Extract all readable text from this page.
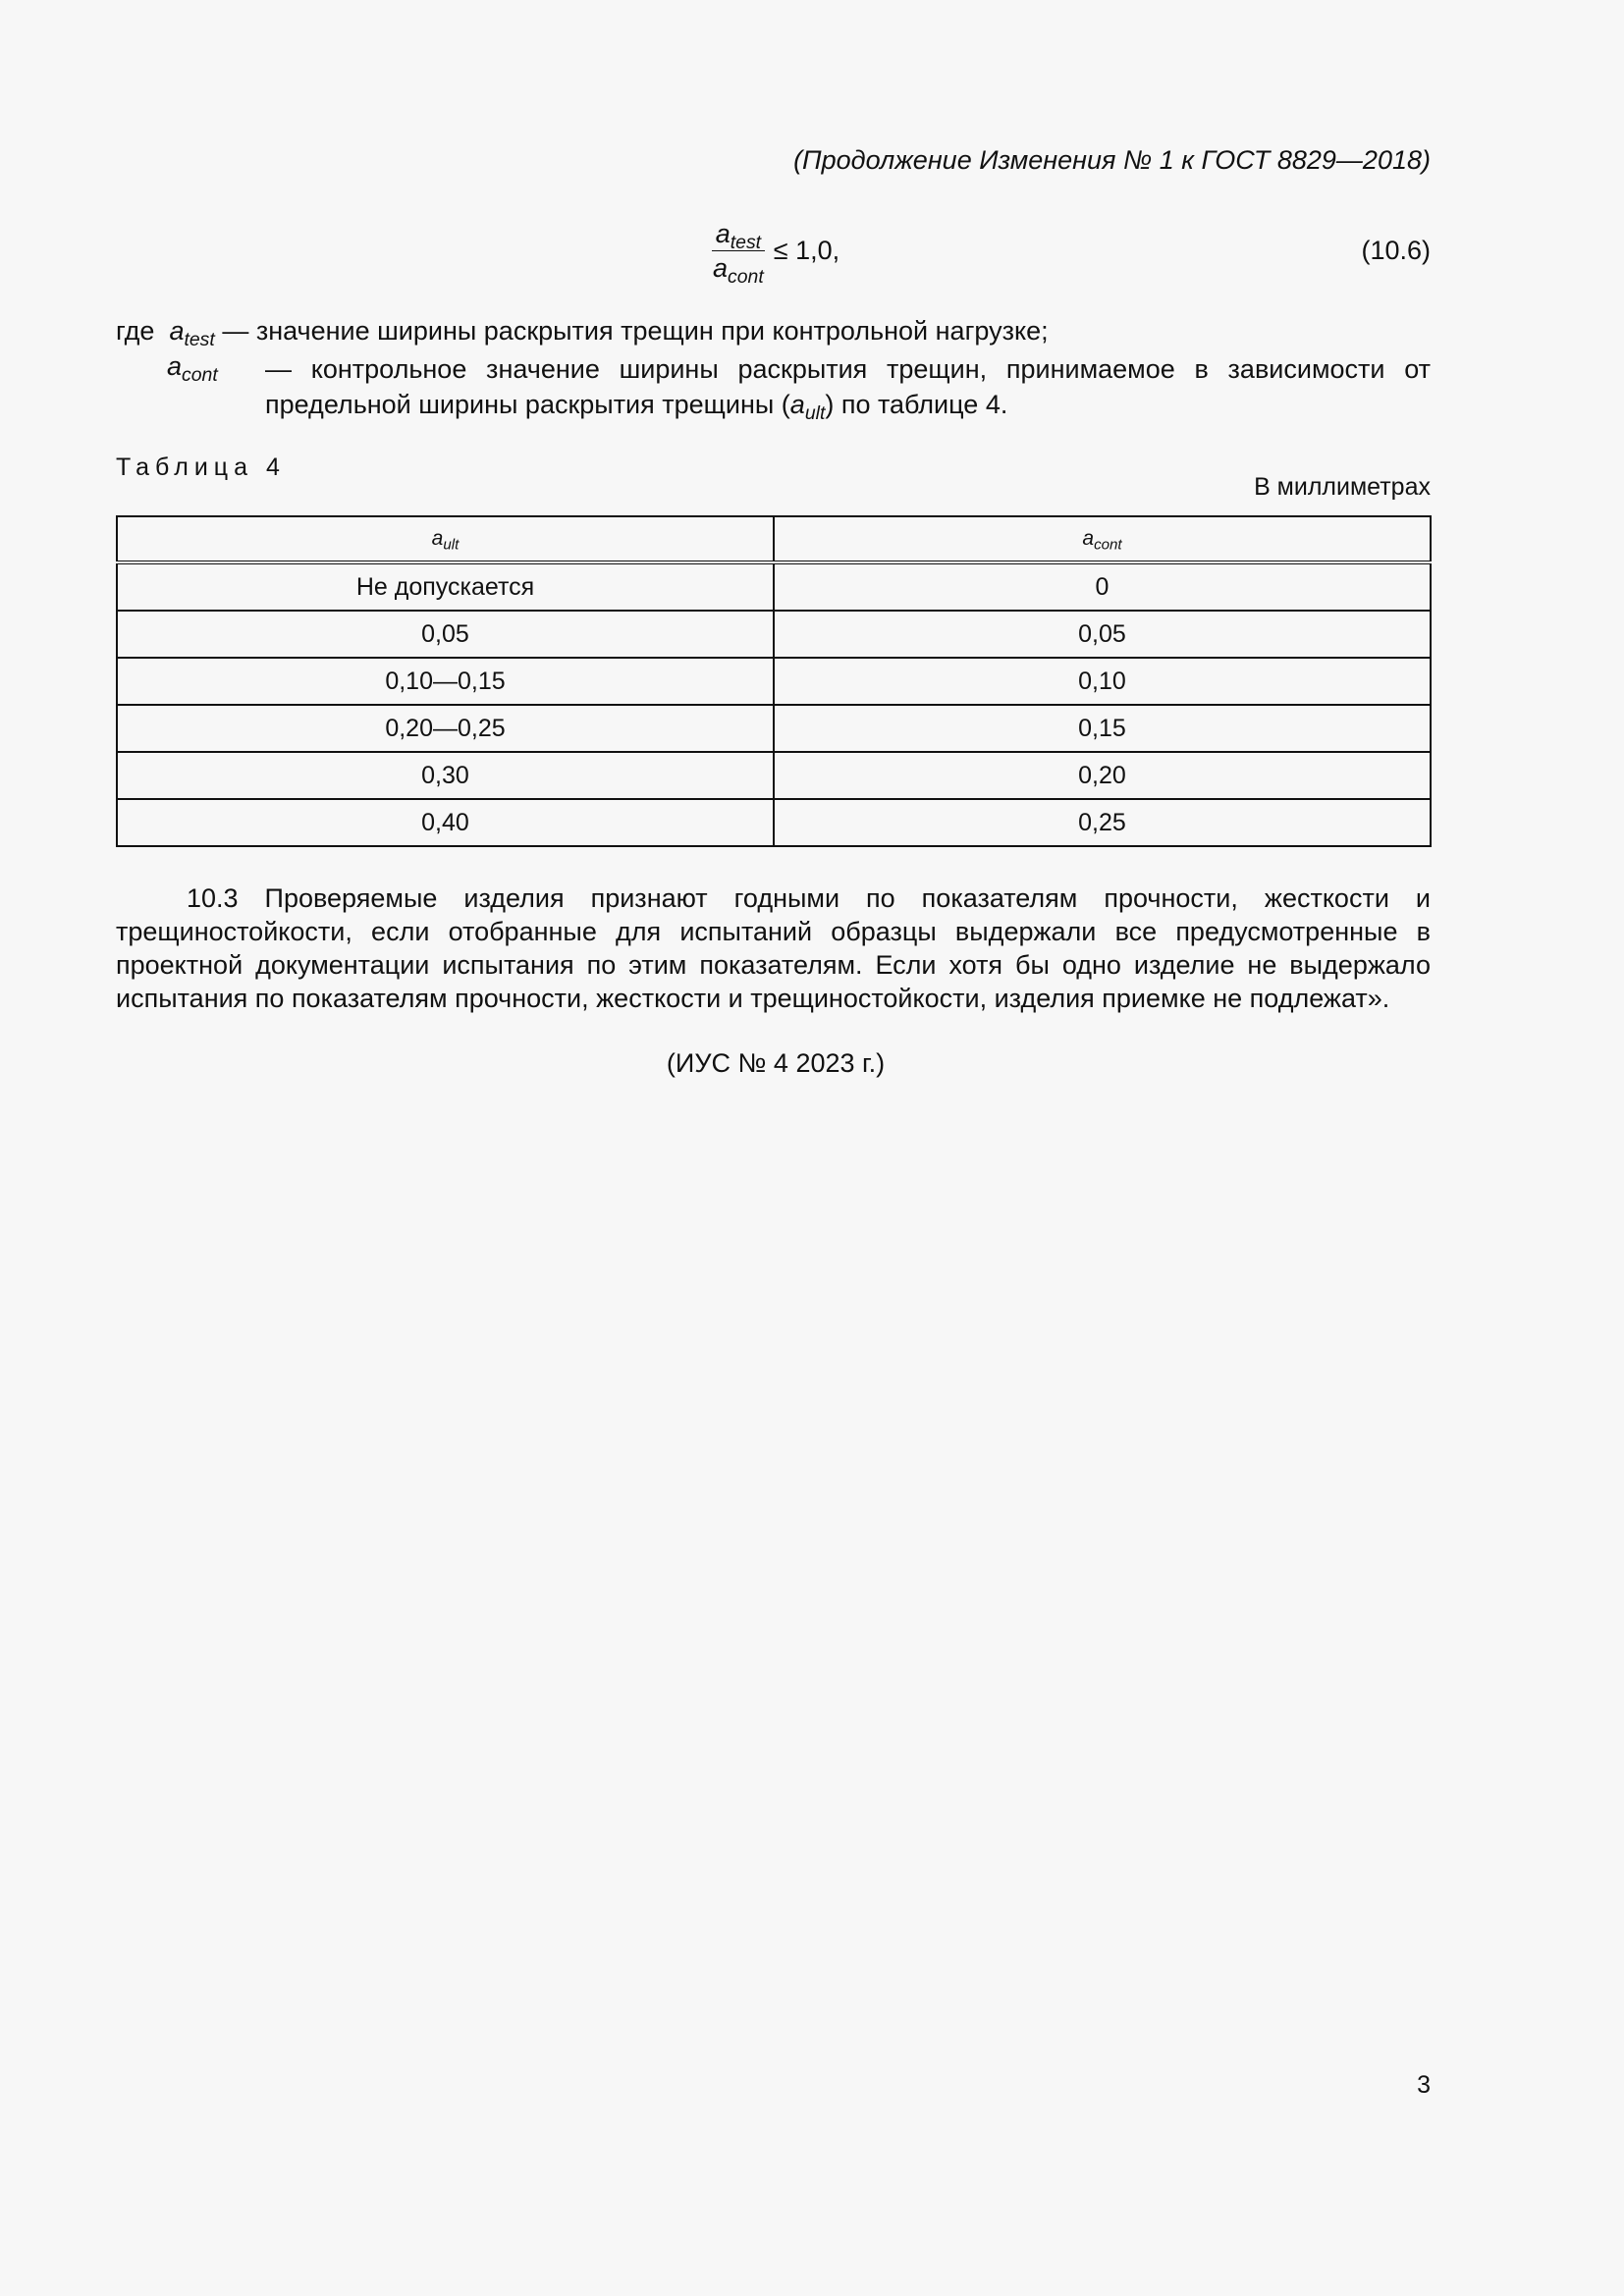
(Продолжение Изменения № 1 к ГОСТ 8829—2018)
$\frac{a_{test}}{a_{cont}} \le 1,0$,	(10.6)
где $a_{test}$ — значение ширины раскрытия трещин при контрольной нагрузке;
$a_{cont}$ — контрольное значение ширины раскрытия трещин, принимаемое в зависимости от предельной ширины раскрытия трещины $(a_{ult})$ по таблице 4.
Таблица 4
В миллиметрах
$a_{ult}$	$a_{cont}$
Не допускается	0
0,05	0,05
0,10—0,15	0,10
0,20—0,25	0,15
0,30	0,20
0,40	0,25
10.3 Проверяемые изделия признают годными по показателям прочности, жесткости и трещиностойкости, если отобранные для испытаний образцы выдержали все предусмотренные в проектной документации испытания по этим показателям. Если хотя бы одно изделие не выдержало испытания по показателям прочности, жесткости и трещиностойкости, изделия приемке не подлежат».
(ИУС № 4 2023 г.)
3
